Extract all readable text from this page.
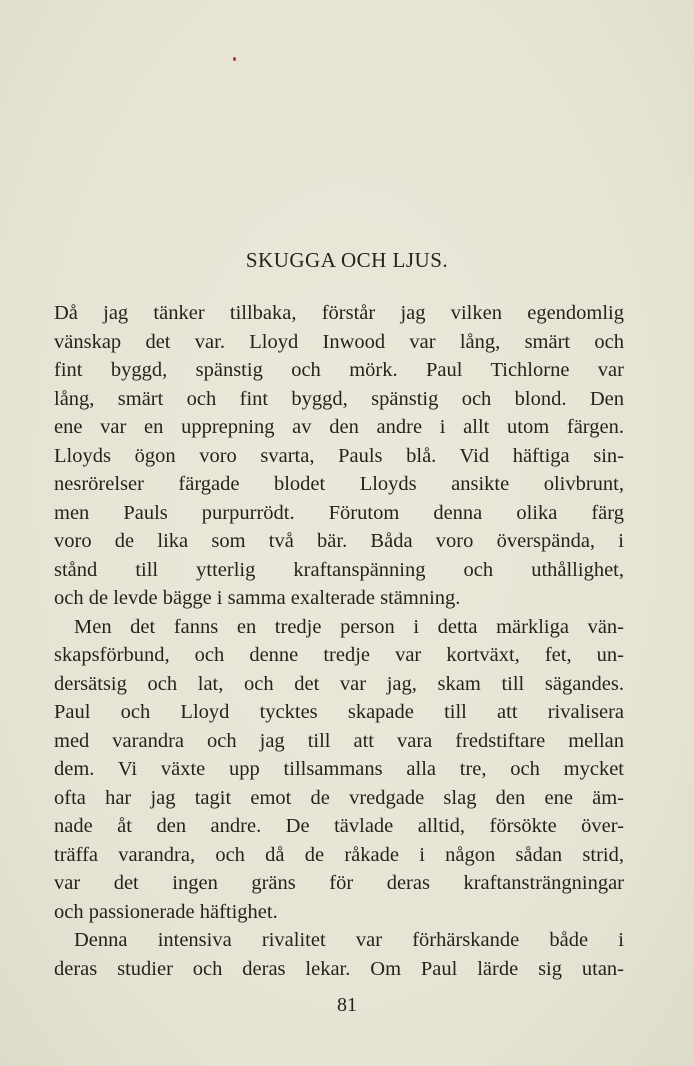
SKUGGA OCH LJUS.
Då jag tänker tillbaka, förstår jag vilken egendomlig
vänskap det var. Lloyd Inwood var lång, smärt och
fint byggd, spänstig och mörk. Paul Tichlorne var
lång, smärt och fint byggd, spänstig och blond. Den
ene var en upprepning av den andre i allt utom färgen.
Lloyds ögon voro svarta, Pauls blå. Vid häftiga sin-
nesrörelser färgade blodet Lloyds ansikte olivbrunt,
men Pauls purpurrödt. Förutom denna olika färg
voro de lika som två bär. Båda voro överspända, i
stånd till ytterlig kraftanspänning och uthållighet,
och de levde bägge i samma exalterade stämning.
Men det fanns en tredje person i detta märkliga vän-
skapsförbund, och denne tredje var kortväxt, fet, un-
dersätsig och lat, och det var jag, skam till sägandes.
Paul och Lloyd tycktes skapade till att rivalisera
med varandra och jag till att vara fredstiftare mellan
dem. Vi växte upp tillsammans alla tre, och mycket
ofta har jag tagit emot de vredgade slag den ene äm-
nade åt den andre. De tävlade alltid, försökte över-
träffa varandra, och då de råkade i någon sådan strid,
var det ingen gräns för deras kraftansträngningar
och passionerade häftighet.
Denna intensiva rivalitet var förhärskande både i
deras studier och deras lekar. Om Paul lärde sig utan-
81
